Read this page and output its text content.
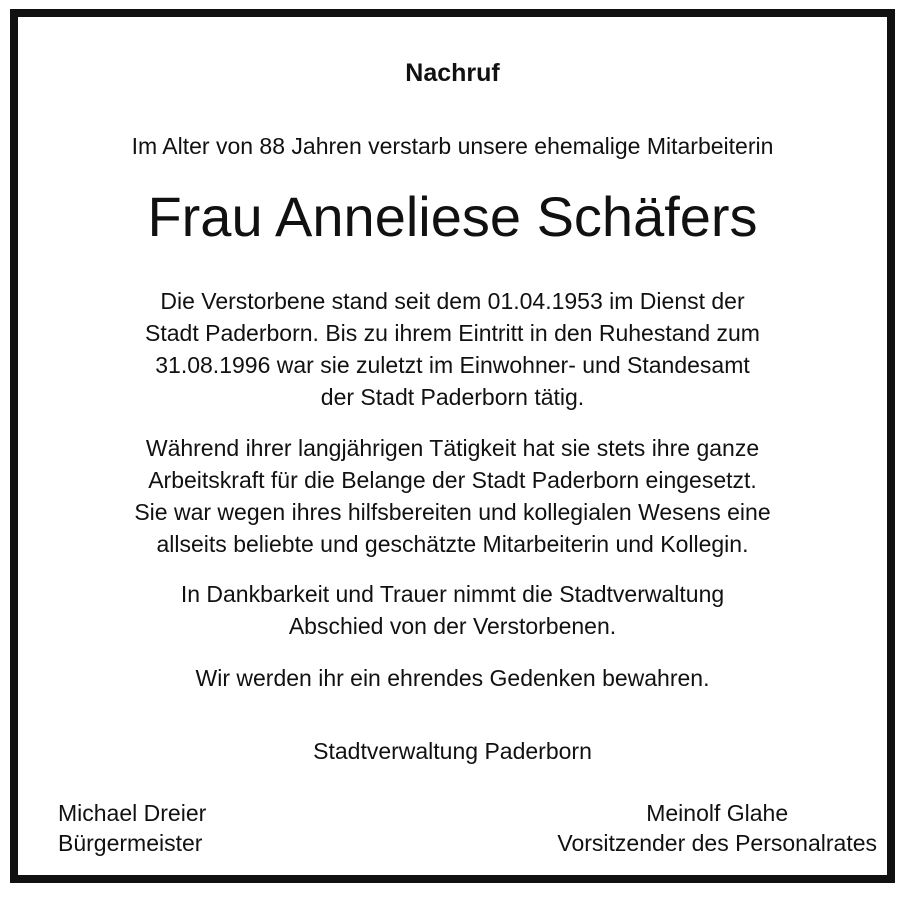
Nachruf
Im Alter von 88 Jahren verstarb unsere ehemalige Mitarbeiterin
Frau Anneliese Schäfers
Die Verstorbene stand seit dem 01.04.1953 im Dienst der
Stadt Paderborn. Bis zu ihrem Eintritt in den Ruhestand zum
31.08.1996 war sie zuletzt im Einwohner- und Standesamt
der Stadt Paderborn tätig.
Während ihrer langjährigen Tätigkeit hat sie stets ihre ganze
Arbeitskraft für die Belange der Stadt Paderborn eingesetzt.
Sie war wegen ihres hilfsbereiten und kollegialen Wesens eine
allseits beliebte und geschätzte Mitarbeiterin und Kollegin.
In Dankbarkeit und Trauer nimmt die Stadtverwaltung
Abschied von der Verstorbenen.
Wir werden ihr ein ehrendes Gedenken bewahren.
Stadtverwaltung Paderborn
Michael Dreier
Bürgermeister
Meinolf Glahe
Vorsitzender des Personalrates
